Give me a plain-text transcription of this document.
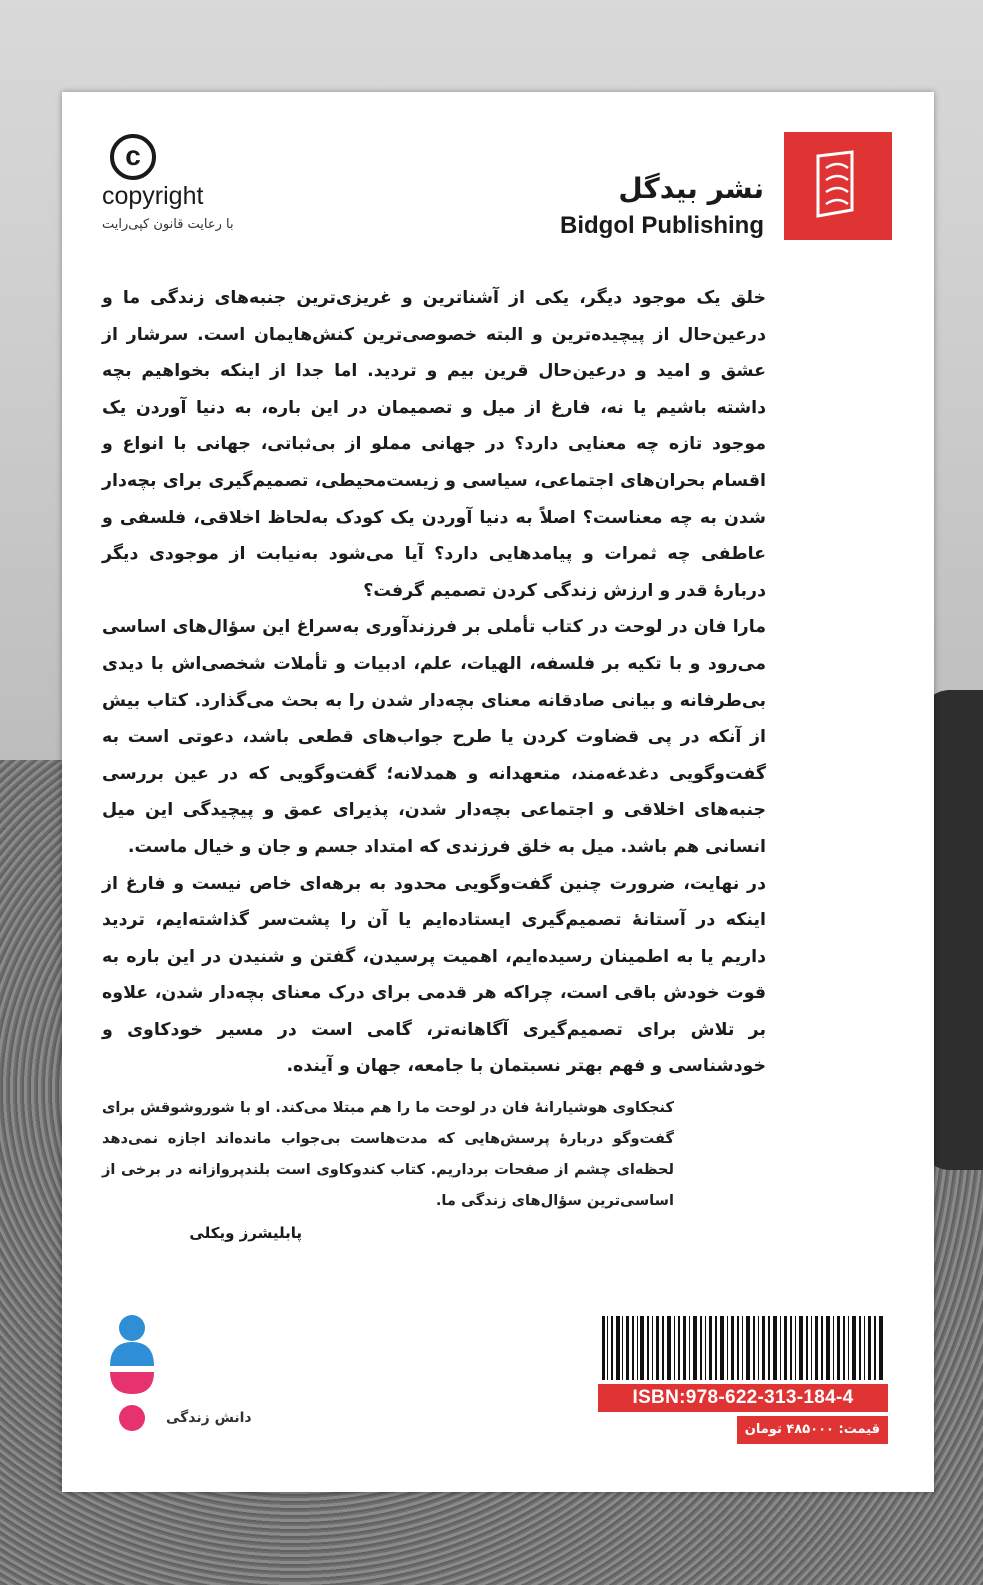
c
copyright
با رعایت قانون کپی‌رایت
نشر بیدگل
Bidgol Publishing

خلق یک موجود دیگر، یکی از آشناترین و غریزی‌ترین جنبه‌های زندگی ما و درعین‌حال از پیچیده‌ترین و البته خصوصی‌ترین کنش‌هایمان است. سرشار از عشق و امید و درعین‌حال قرین بیم و تردید. اما جدا از اینکه بخواهیم بچه داشته باشیم یا نه، فارغ از میل و تصمیمان در این باره، به دنیا آوردن یک موجود تازه چه معنایی دارد؟ در جهانی مملو از بی‌ثباتی، جهانی با انواع و اقسام بحران‌های اجتماعی، سیاسی و زیست‌محیطی، تصمیم‌گیری برای بچه‌دار شدن به چه معناست؟ اصلاً به دنیا آوردن یک کودک به‌لحاظ اخلاقی، فلسفی و عاطفی چه ثمرات و پیامدهایی دارد؟ آیا می‌شود به‌نیابت از موجودی دیگر دربارهٔ قدر و ارزش زندگی کردن تصمیم گرفت؟

مارا فان در لوحت در کتاب تأملی بر فرزندآوری به‌سراغ این سؤال‌های اساسی می‌رود و با تکیه بر فلسفه، الهیات، علم، ادبیات و تأملات شخصی‌اش با دیدی بی‌طرفانه و بیانی صادقانه معنای بچه‌دار شدن را به بحث می‌گذارد. کتاب بیش از آنکه در پی قضاوت کردن یا طرح جواب‌های قطعی باشد، دعوتی است به گفت‌وگویی دغدغه‌مند، متعهدانه و همدلانه؛ گفت‌وگویی که در عین بررسی جنبه‌های اخلاقی و اجتماعی بچه‌دار شدن، پذیرای عمق و پیچیدگی این میل انسانی هم باشد. میل به خلق فرزندی که امتداد جسم و جان و خیال ماست.

در نهایت، ضرورت چنین گفت‌وگویی محدود به برهه‌ای خاص نیست و فارغ از اینکه در آستانهٔ تصمیم‌گیری ایستاده‌ایم یا آن را پشت‌سر گذاشته‌ایم، تردید داریم یا به اطمینان رسیده‌ایم، اهمیت پرسیدن، گفتن و شنیدن در این باره به قوت خودش باقی است، چراکه هر قدمی برای درک معنای بچه‌دار شدن، علاوه بر تلاش برای تصمیم‌گیری آگاهانه‌تر، گامی است در مسیر خودکاوی و خودشناسی و فهم بهتر نسبتمان با جامعه، جهان و آینده.

کنجکاوی هوشیارانهٔ فان در لوحت ما را هم مبتلا می‌کند. او با شوروشوقش برای گفت‌وگو دربارهٔ پرسش‌هایی که مدت‌هاست بی‌جواب مانده‌اند اجازه نمی‌دهد لحظه‌ای چشم از صفحات برداریم. کتاب کندوکاوی است بلندپروازانه در برخی از اساسی‌ترین سؤال‌های زندگی ما.
پابلیشرز ویکلی
دانش زندگی
ISBN:978-622-313-184-4
قیمت: ۴۸۵۰۰۰ تومان
